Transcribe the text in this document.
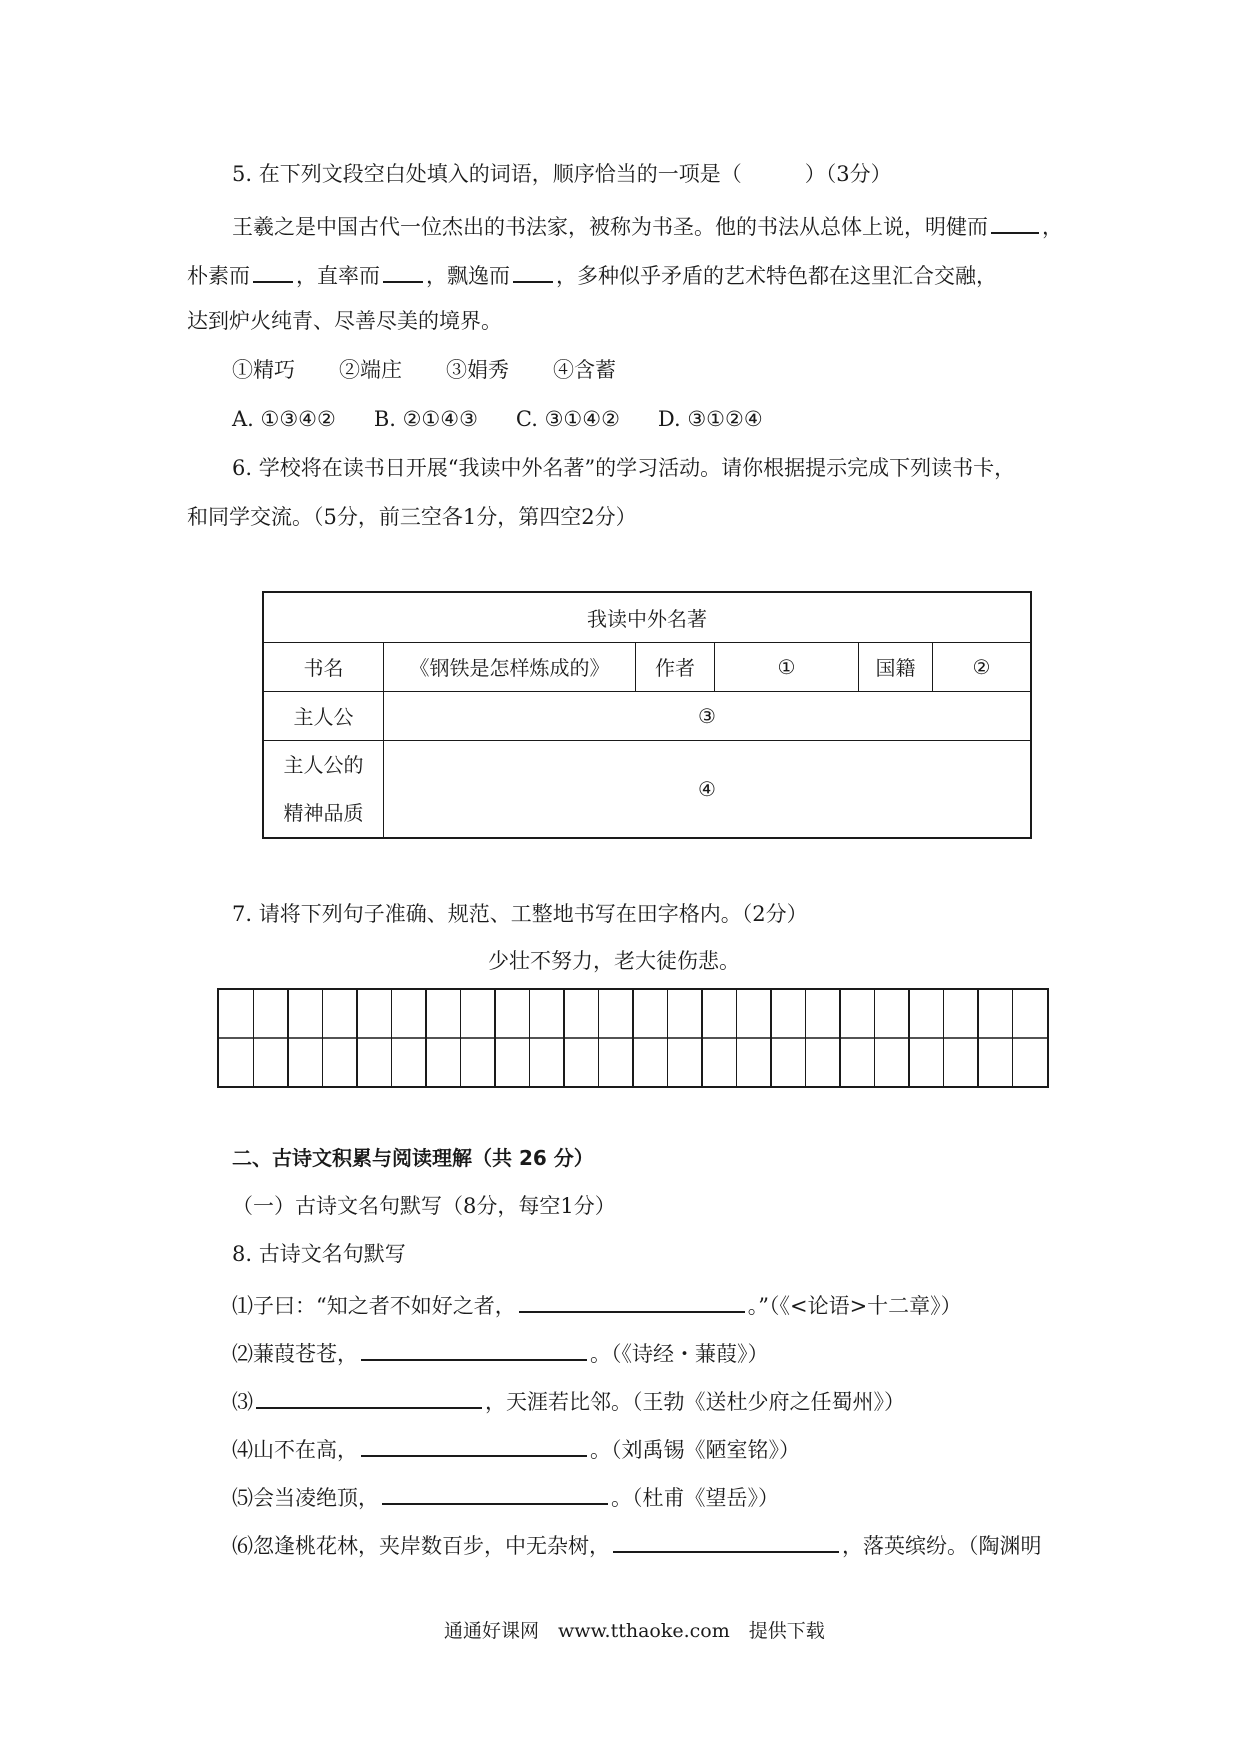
5. 在下列文段空白处填入的词语，顺序恰当的一项是（　　　）（3分）
王羲之是中国古代一位杰出的书法家，被称为书圣。他的书法从总体上说，明健而	，
朴素而 ，直率而 ，飘逸而 ，多种似乎矛盾的艺术特色都在这里汇合交融，
达到炉火纯青、尽善尽美的境界。
①精巧 ②端庄 ③娟秀 ④含蓄
A. ①③④② B. ②①④③ C. ③①④② D. ③①②④
6. 学校将在读书日开展“我读中外名著”的学习活动。请你根据提示完成下列读书卡，
和同学交流。（5分，前三空各1分，第四空2分）
我读中外名著					
书名	《钢铁是怎样炼成的》	作者	①	国籍	②
主人公	③				

主人公的
精神品质	④				
7. 请将下列句子准确、规范、工整地书写在田字格内。（2分）
少壮不努力，老大徒伤悲。
二、古诗文积累与阅读理解（共 26 分）
（一）古诗文名句默写（8分，每空1分）
8. 古诗文名句默写
⑴子曰：“知之者不如好之者，	。”（《<论语>十二章》）
⑵蒹葭苍苍，	。（《诗经・蒹葭》）
⑶	，天涯若比邻。（王勃《送杜少府之任蜀州》）
⑷山不在高，	。（刘禹锡《陋室铭》）
⑸会当凌绝顶，	。（杜甫《望岳》）
⑹忽逢桃花林，夹岸数百步，中无杂树，	，落英缤纷。（陶渊明
通通好课网　www.tthaoke.com　提供下载
